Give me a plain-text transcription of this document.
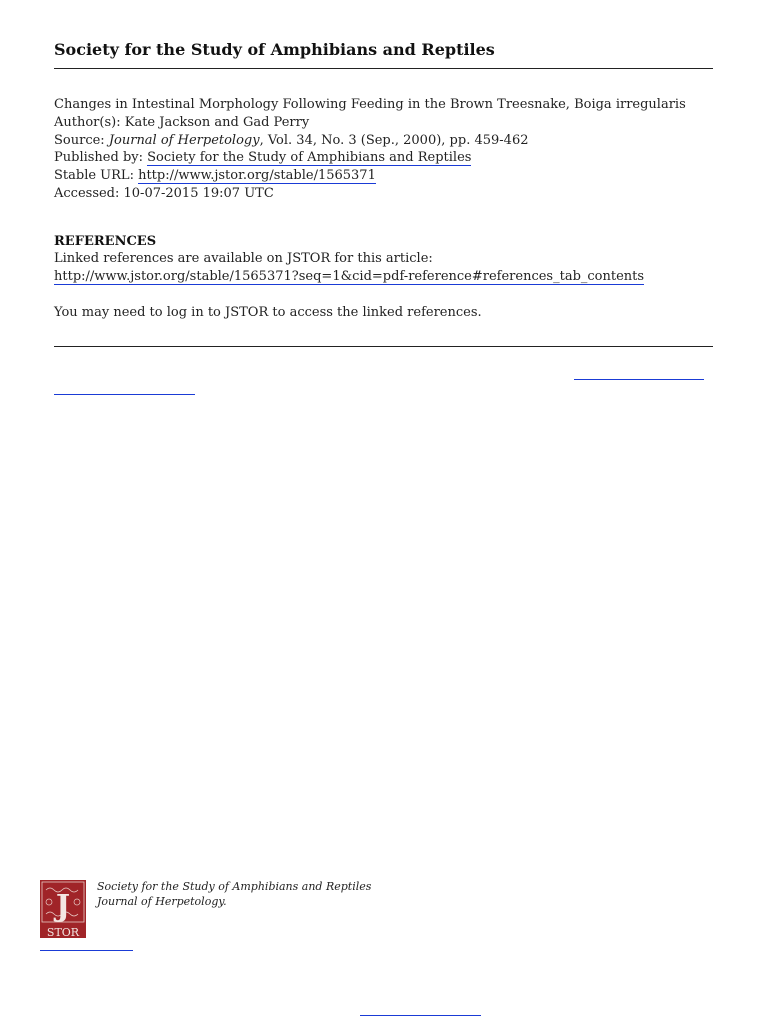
Society for the Study of Amphibians and Reptiles
Changes in Intestinal Morphology Following Feeding in the Brown Treesnake, Boiga irregularis
Author(s): Kate Jackson and Gad Perry
Source: Journal of Herpetology, Vol. 34, No. 3 (Sep., 2000), pp. 459-462
Published by: Society for the Study of Amphibians and Reptiles
Stable URL: http://www.jstor.org/stable/1565371
Accessed: 10-07-2015 19:07 UTC
REFERENCES
Linked references are available on JSTOR for this article:
http://www.jstor.org/stable/1565371?seq=1&cid=pdf-reference#references_tab_contents
You may need to log in to JSTOR to access the linked references.
J
STOR
Society for the Study of Amphibians and Reptiles
Journal of Herpetology.
